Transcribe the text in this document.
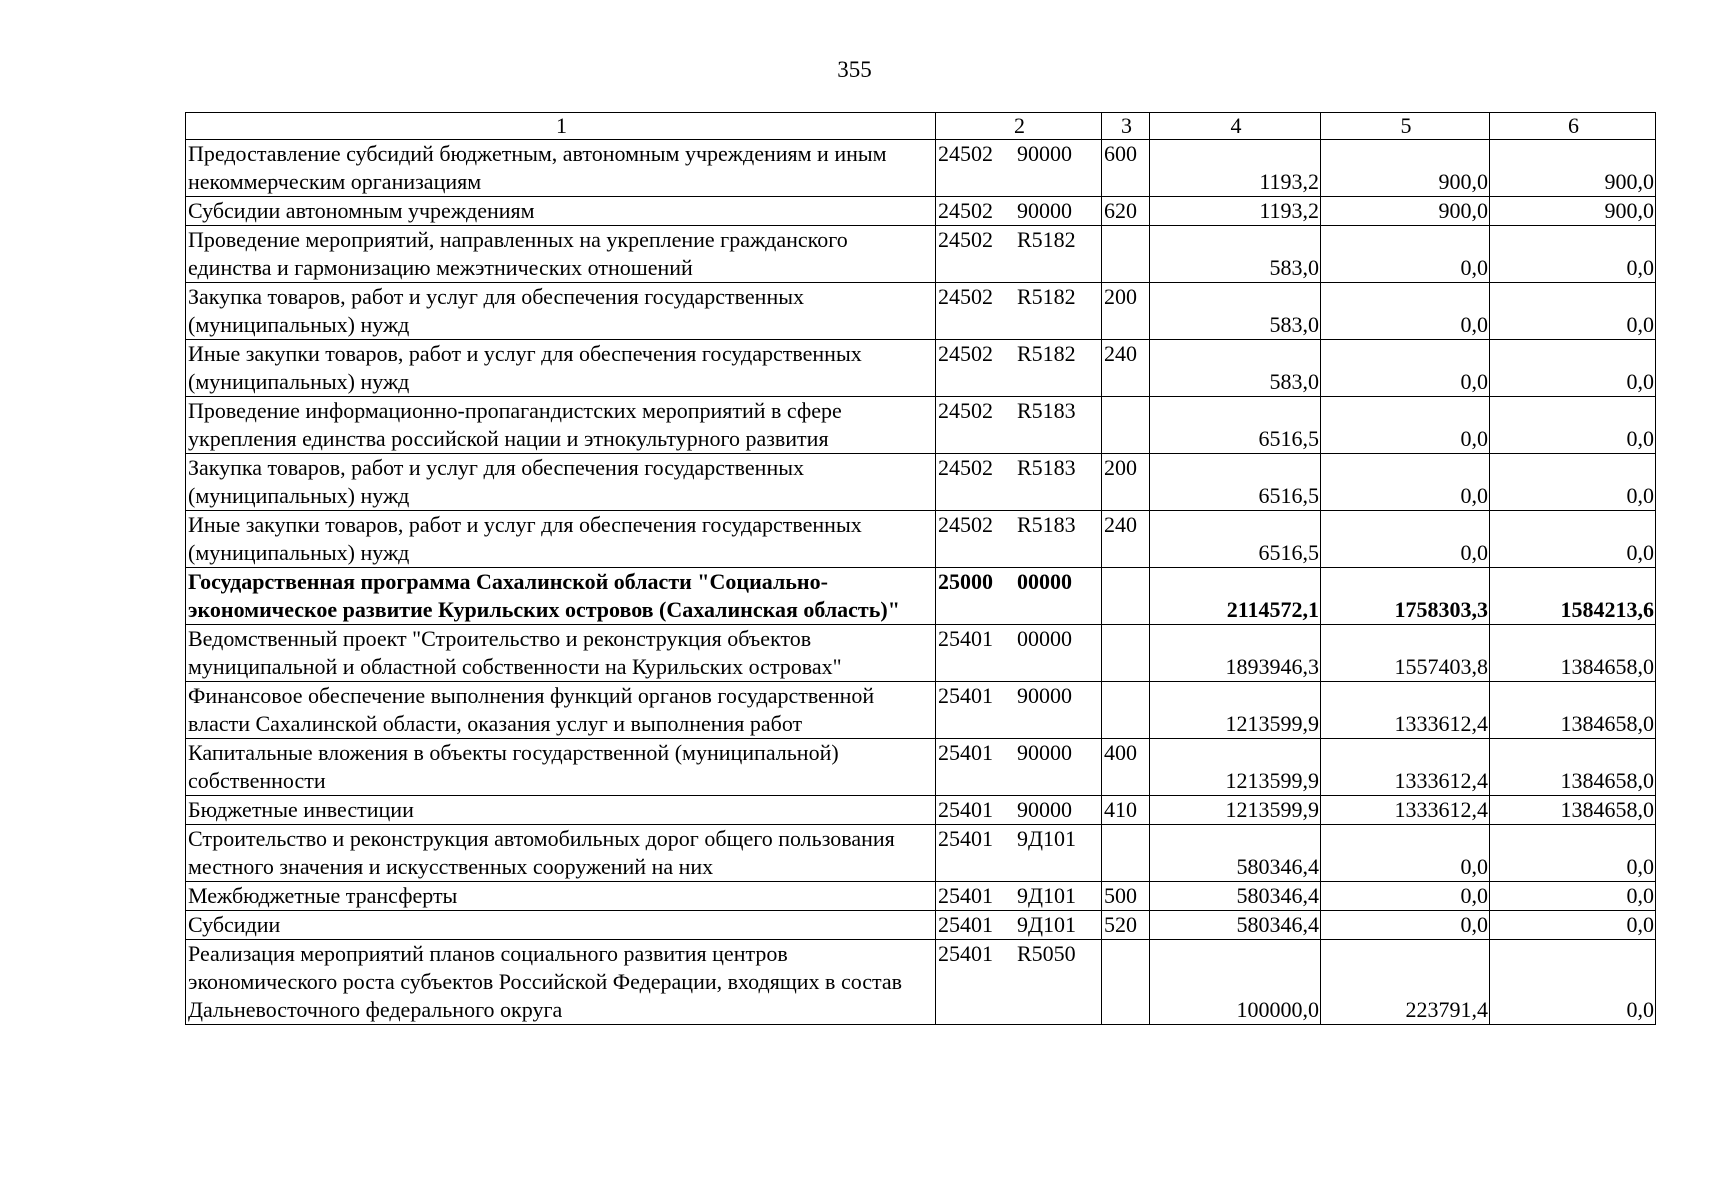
355
1	2	3	4	5	6
Предоставление субсидий бюджетным, автономным учреждениям и иным некоммерческим организациям	24502 90000	600	1193,2	900,0	900,0
Субсидии автономным учреждениям	24502 90000	620	1193,2	900,0	900,0
Проведение мероприятий, направленных на укрепление гражданского единства и гармонизацию межэтнических отношений	24502 R5182		583,0	0,0	0,0
Закупка товаров, работ и услуг для обеспечения государственных (муниципальных) нужд	24502 R5182	200	583,0	0,0	0,0
Иные закупки товаров, работ и услуг для обеспечения государственных (муниципальных) нужд	24502 R5182	240	583,0	0,0	0,0
Проведение информационно-пропагандистских мероприятий в сфере укрепления единства российской нации и этнокультурного развития	24502 R5183		6516,5	0,0	0,0
Закупка товаров, работ и услуг для обеспечения государственных (муниципальных) нужд	24502 R5183	200	6516,5	0,0	0,0
Иные закупки товаров, работ и услуг для обеспечения государственных (муниципальных) нужд	24502 R5183	240	6516,5	0,0	0,0
Государственная программа Сахалинской области "Социально-экономическое развитие Курильских островов (Сахалинская область)"	25000 00000		2114572,1	1758303,3	1584213,6
Ведомственный проект "Строительство и реконструкция объектов муниципальной и областной собственности на Курильских островах"	25401 00000		1893946,3	1557403,8	1384658,0
Финансовое обеспечение выполнения функций органов государственной власти Сахалинской области, оказания услуг и выполнения работ	25401 90000		1213599,9	1333612,4	1384658,0
Капитальные вложения в объекты государственной (муниципальной) собственности	25401 90000	400	1213599,9	1333612,4	1384658,0
Бюджетные инвестиции	25401 90000	410	1213599,9	1333612,4	1384658,0
Строительство и реконструкция автомобильных дорог общего пользования местного значения и искусственных сооружений на них	25401 9Д101		580346,4	0,0	0,0
Межбюджетные трансферты	25401 9Д101	500	580346,4	0,0	0,0
Субсидии	25401 9Д101	520	580346,4	0,0	0,0
Реализация мероприятий планов социального развития центров экономического роста субъектов Российской Федерации, входящих в состав Дальневосточного федерального округа	25401 R5050		100000,0	223791,4	0,0
